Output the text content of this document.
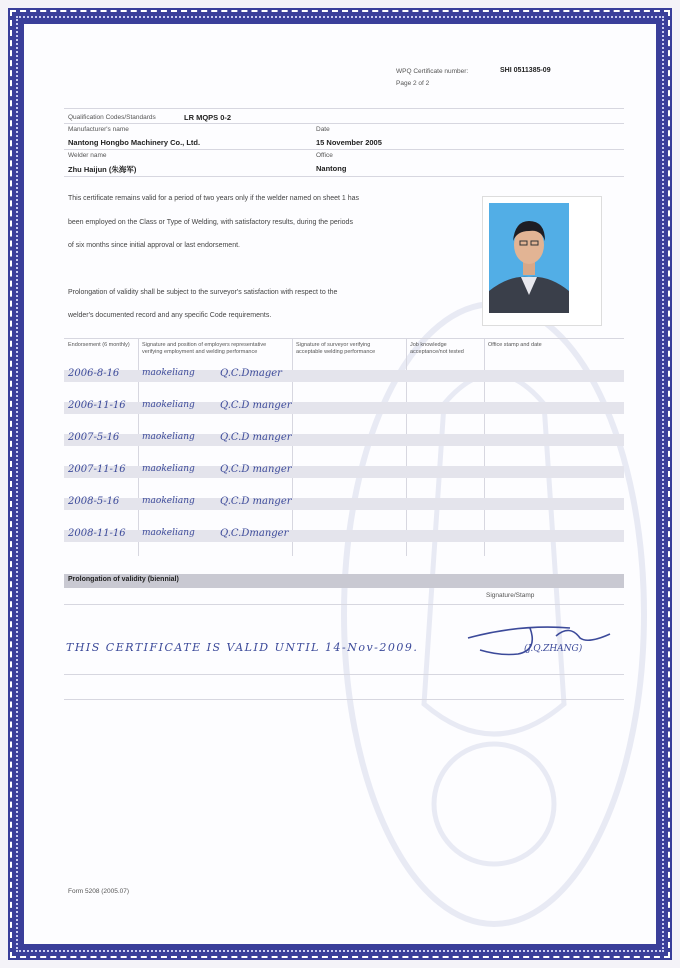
WPQ Certificate number:	SHI 0511385-09
Page 2 of 2
Qualification Codes/Standards	LR MQPS 0-2
Manufacturer's name
Nantong Hongbo Machinery Co., Ltd.
Date
15 November 2005
Welder name
Zhu Haijun (朱海军)
Office
Nantong
This certificate remains valid for a period of two years only if the welder named on sheet 1 has
been employed on the Class or Type of Welding, with satisfactory results, during the periods
of six months since initial approval or last endorsement.
Prolongation of validity shall be subject to the surveyor's satisfaction with respect to the
welder's documented record and any specific Code requirements.
Endorsement (6 monthly)	Signature and position of employers representative verifying employment and welding performance
Signature of surveyor verifying acceptable welding performance
Job knowledge acceptance/not tested
Office stamp and date
2006-8-16	maokeliang	Q.C.Dmager
2006-11-16 maokeliang	Q.C.D manger
2007-5-16	maokeliang	Q.C.D manger
2007-11-16 maokeliang	Q.C.D manger
2008-5-16	maokeliang	Q.C.D manger
2008-11-16 maokeliang	Q.C.Dmanger
Prolongation of validity (biennial)
Signature/Stamp
THIS CERTIFICATE IS VALID UNTIL 14-Nov-2009.	(J.Q.ZHANG)
Form 5208 (2005.07)
